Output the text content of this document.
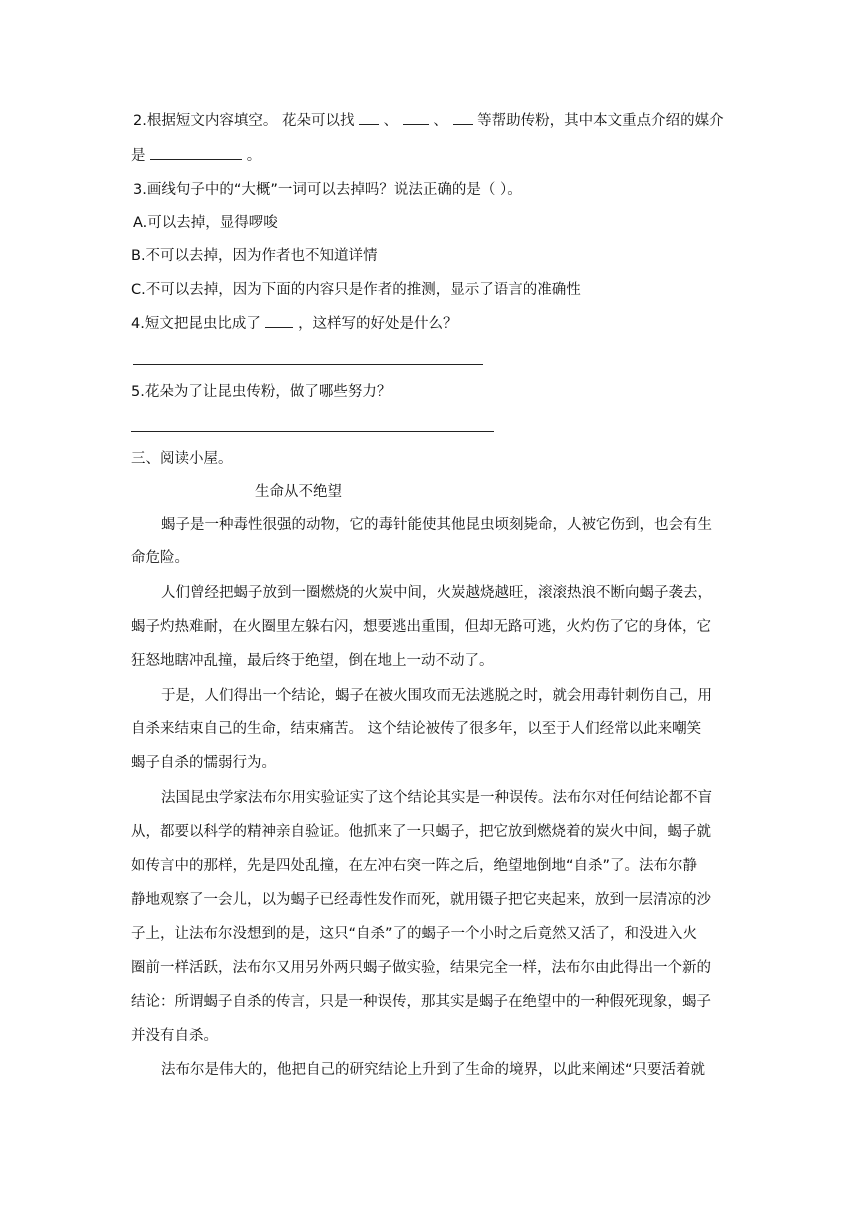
2.根据短文内容填空。 花朵可以找 、 、 等帮助传粉，其中本文重点介绍的媒介
是	。
3.画线句子中的“大概”一词可以去掉吗？说法正确的是（ ）。
A.可以去掉，显得啰唆
B.不可以去掉，因为作者也不知道详情
C.不可以去掉，因为下面的内容只是作者的推测，显示了语言的准确性
4.短文把昆虫比成了	，这样写的好处是什么？
5.花朵为了让昆虫传粉，做了哪些努力？
三、阅读小屋。
生命从不绝望
蝎子是一种毒性很强的动物，它的毒针能使其他昆虫顷刻毙命，人被它伤到，也会有生
命危险。
人们曾经把蝎子放到一圈燃烧的火炭中间，火炭越烧越旺，滚滚热浪不断向蝎子袭去，
蝎子灼热难耐，在火圈里左躲右闪，想要逃出重围，但却无路可逃，火灼伤了它的身体，它
狂怒地瞎冲乱撞，最后终于绝望，倒在地上一动不动了。
于是，人们得出一个结论，蝎子在被火围攻而无法逃脱之时，就会用毒针刺伤自己，用
自杀来结束自己的生命，结束痛苦。 这个结论被传了很多年，以至于人们经常以此来嘲笑
蝎子自杀的懦弱行为。
法国昆虫学家法布尔用实验证实了这个结论其实是一种误传。法布尔对任何结论都不盲
从，都要以科学的精神亲自验证。他抓来了一只蝎子，把它放到燃烧着的炭火中间，蝎子就
如传言中的那样，先是四处乱撞，在左冲右突一阵之后，绝望地倒地“自杀”了。法布尔静
静地观察了一会儿，以为蝎子已经毒性发作而死，就用镊子把它夹起来，放到一层清凉的沙
子上，让法布尔没想到的是，这只“自杀”了的蝎子一个小时之后竟然又活了，和没进入火
圈前一样活跃，法布尔又用另外两只蝎子做实验，结果完全一样，法布尔由此得出一个新的
结论：所谓蝎子自杀的传言，只是一种误传，那其实是蝎子在绝望中的一种假死现象，蝎子
并没有自杀。
法布尔是伟大的，他把自己的研究结论上升到了生命的境界，以此来阐述“只要活着就
